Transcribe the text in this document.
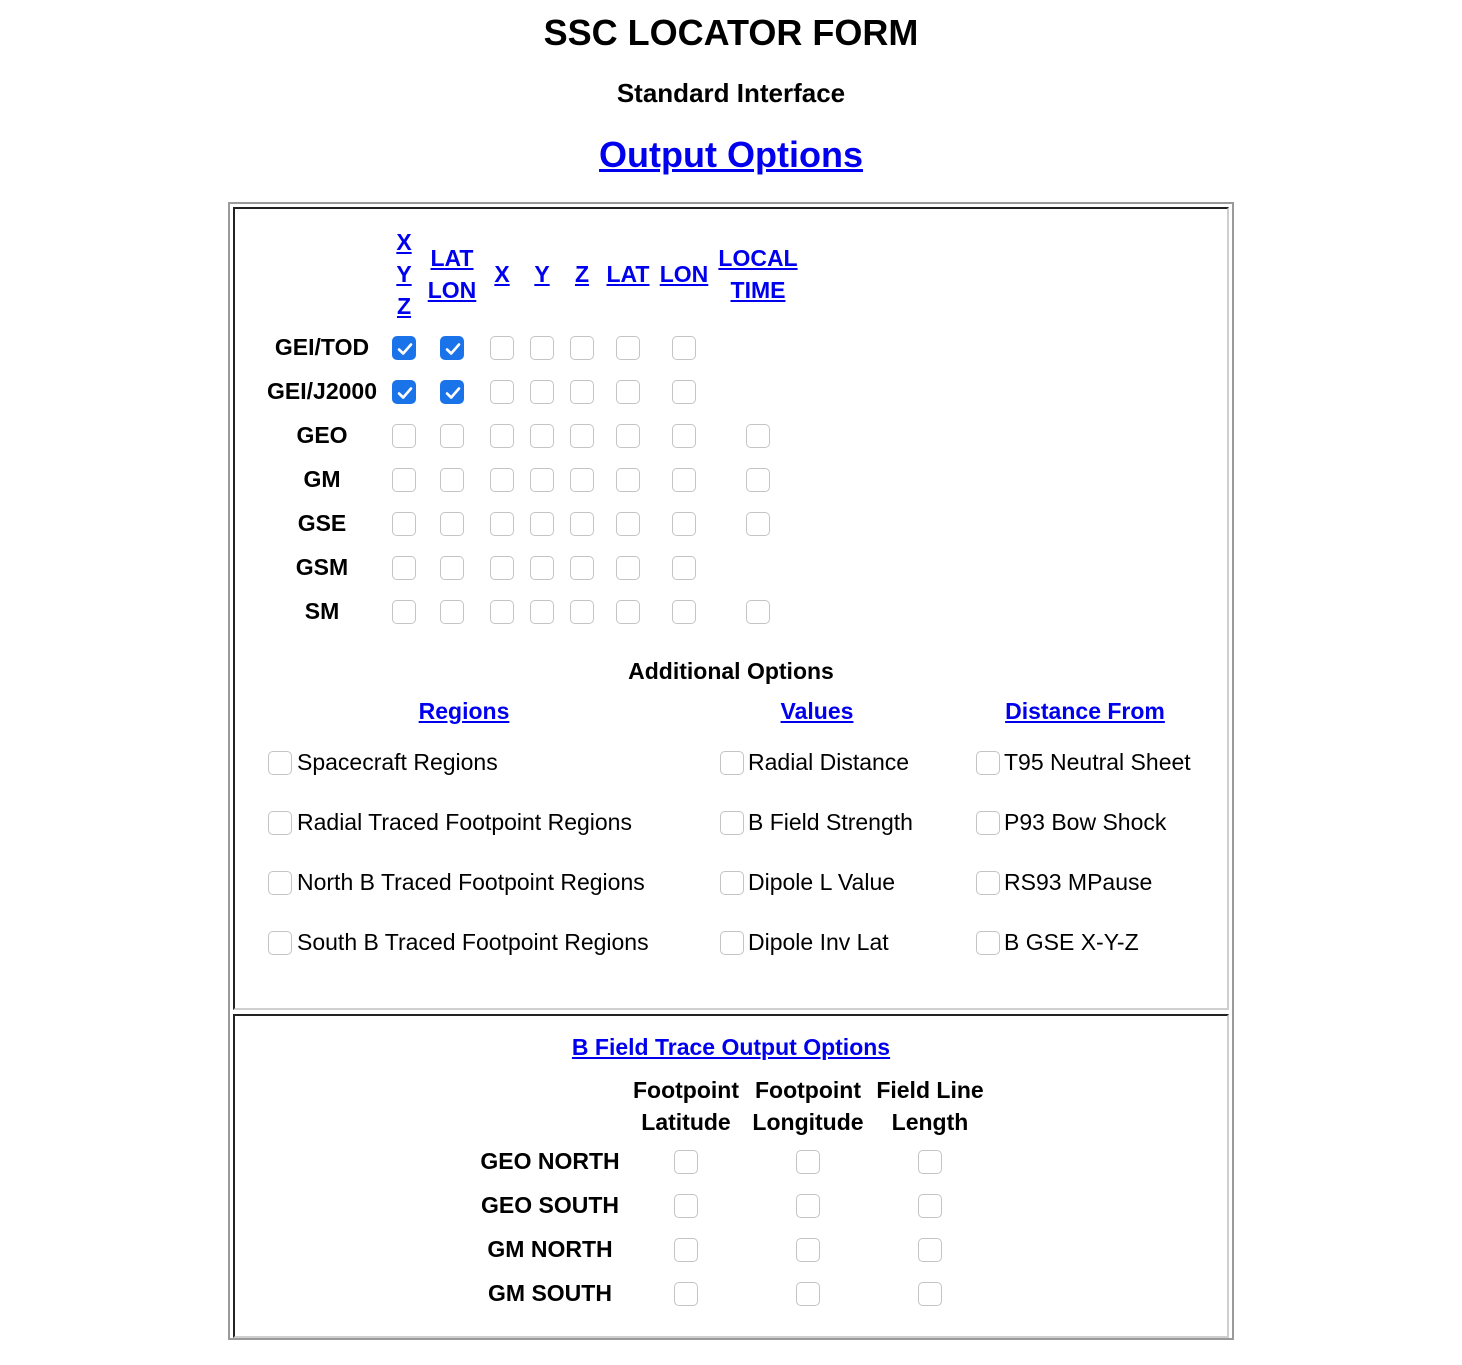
SSC LOCATOR FORM
Standard Interface
Output Options
X
Y
Z
LAT
LON
X	Y	Z LAT LON
LOCAL
TIME
GEI/TOD
GEI/J2000
GEO
GM
GSE
GSM
SM
Additional Options
Regions
Spacecraft Regions
Radial Traced Footpoint Regions
North B Traced Footpoint Regions
South B Traced Footpoint Regions
Values
Radial Distance
B Field Strength
Dipole L Value
Dipole Inv Lat
Distance From
T95 Neutral Sheet
P93 Bow Shock
RS93 MPause
B GSE X-Y-Z
B Field Trace Output Options
Footpoint
Latitude
Footpoint
Longitude
Field Line
Length
GEO NORTH
GEO SOUTH
GM NORTH
GM SOUTH
